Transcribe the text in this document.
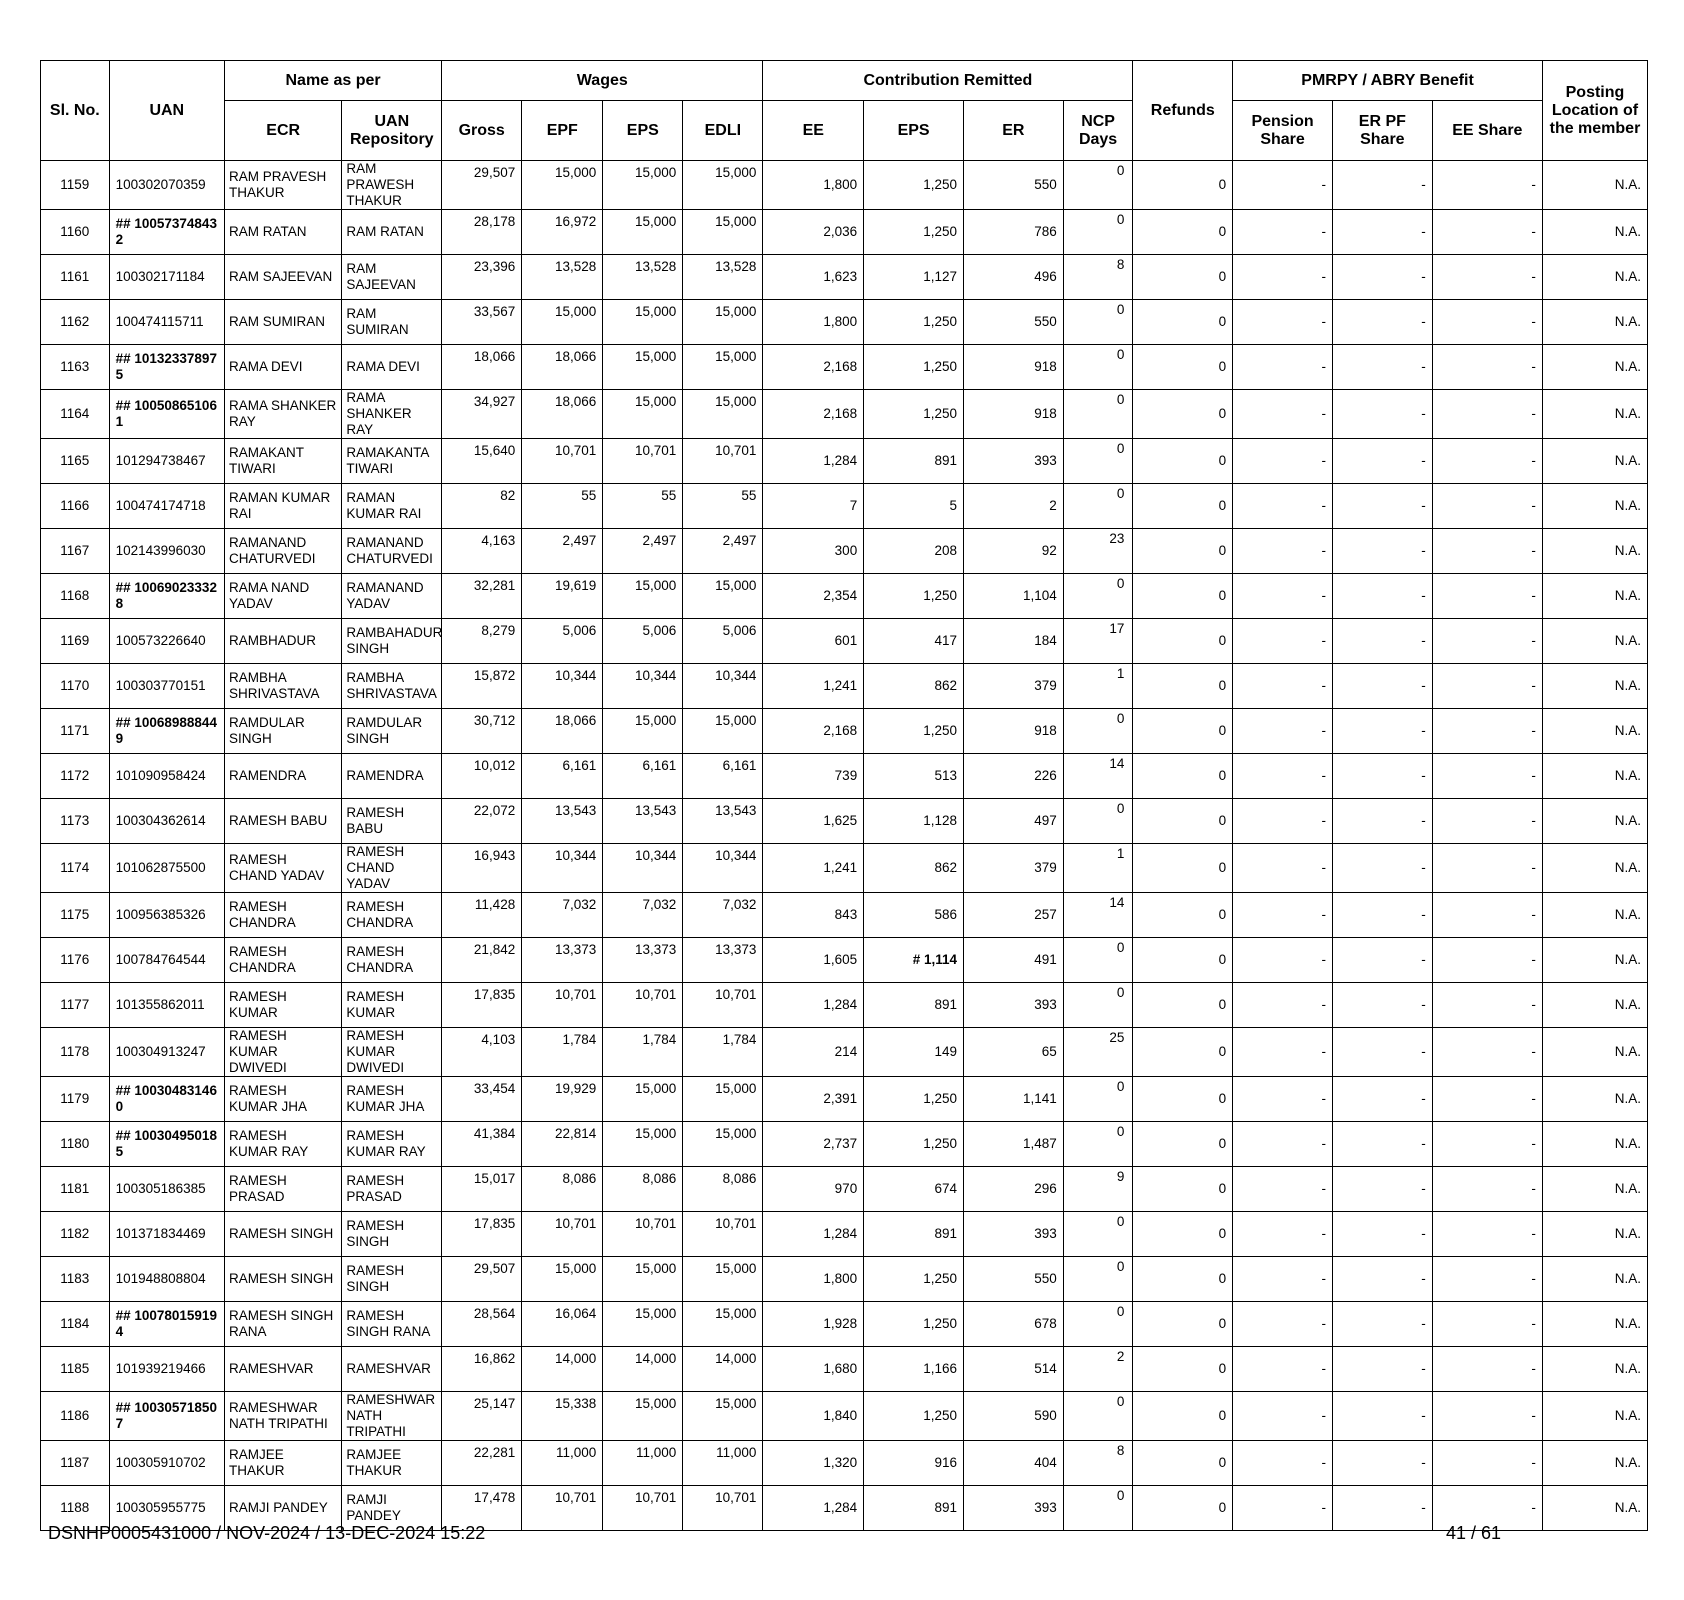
Sl. No.	UAN	Name as per		Wages				Contribution Remitted				Refunds	PMRPY / ABRY Benefit			Posting Location of the member
		ECR	UAN Repository	Gross	EPF	EPS	EDLI	EE	EPS	ER	NCP Days		Pension Share	ER PF Share	EE Share	
1159	100302070359	RAM PRAVESH THAKUR	RAM PRAWESH THAKUR	29,507	15,000	15,000	15,000	1,800	1,250	550	0	0	-	-	-	N.A.
1160	## 10057374843 2	RAM RATAN	RAM RATAN	28,178	16,972	15,000	15,000	2,036	1,250	786	0	0	-	-	-	N.A.
1161	100302171184	RAM SAJEEVAN	RAM SAJEEVAN	23,396	13,528	13,528	13,528	1,623	1,127	496	8	0	-	-	-	N.A.
1162	100474115711	RAM SUMIRAN	RAM SUMIRAN	33,567	15,000	15,000	15,000	1,800	1,250	550	0	0	-	-	-	N.A.
1163	## 10132337897 5	RAMA DEVI	RAMA DEVI	18,066	18,066	15,000	15,000	2,168	1,250	918	0	0	-	-	-	N.A.
1164	## 10050865106 1	RAMA SHANKER RAY	RAMA SHANKER RAY	34,927	18,066	15,000	15,000	2,168	1,250	918	0	0	-	-	-	N.A.
1165	101294738467	RAMAKANT TIWARI	RAMAKANTA TIWARI	15,640	10,701	10,701	10,701	1,284	891	393	0	0	-	-	-	N.A.
1166	100474174718	RAMAN KUMAR RAI	RAMAN KUMAR RAI	82	55	55	55	7	5	2	0	0	-	-	-	N.A.
1167	102143996030	RAMANAND CHATURVEDI	RAMANAND CHATURVEDI	4,163	2,497	2,497	2,497	300	208	92	23	0	-	-	-	N.A.
1168	## 10069023332 8	RAMA NAND YADAV	RAMANAND YADAV	32,281	19,619	15,000	15,000	2,354	1,250	1,104	0	0	-	-	-	N.A.
1169	100573226640	RAMBHADUR	RAMBAHADUR SINGH	8,279	5,006	5,006	5,006	601	417	184	17	0	-	-	-	N.A.
1170	100303770151	RAMBHA SHRIVASTAVA	RAMBHA SHRIVASTAVA	15,872	10,344	10,344	10,344	1,241	862	379	1	0	-	-	-	N.A.
1171	## 10068988844 9	RAMDULAR SINGH	RAMDULAR SINGH	30,712	18,066	15,000	15,000	2,168	1,250	918	0	0	-	-	-	N.A.
1172	101090958424	RAMENDRA	RAMENDRA	10,012	6,161	6,161	6,161	739	513	226	14	0	-	-	-	N.A.
1173	100304362614	RAMESH BABU	RAMESH BABU	22,072	13,543	13,543	13,543	1,625	1,128	497	0	0	-	-	-	N.A.
1174	101062875500	RAMESH CHAND YADAV	RAMESH CHAND YADAV	16,943	10,344	10,344	10,344	1,241	862	379	1	0	-	-	-	N.A.
1175	100956385326	RAMESH CHANDRA	RAMESH CHANDRA	11,428	7,032	7,032	7,032	843	586	257	14	0	-	-	-	N.A.
1176	100784764544	RAMESH CHANDRA	RAMESH CHANDRA	21,842	13,373	13,373	13,373	1,605	# 1,114	491	0	0	-	-	-	N.A.
1177	101355862011	RAMESH KUMAR	RAMESH KUMAR	17,835	10,701	10,701	10,701	1,284	891	393	0	0	-	-	-	N.A.
1178	100304913247	RAMESH KUMAR DWIVEDI	RAMESH KUMAR DWIVEDI	4,103	1,784	1,784	1,784	214	149	65	25	0	-	-	-	N.A.
1179	## 10030483146 0	RAMESH KUMAR JHA	RAMESH KUMAR JHA	33,454	19,929	15,000	15,000	2,391	1,250	1,141	0	0	-	-	-	N.A.
1180	## 10030495018 5	RAMESH KUMAR RAY	RAMESH KUMAR RAY	41,384	22,814	15,000	15,000	2,737	1,250	1,487	0	0	-	-	-	N.A.
1181	100305186385	RAMESH PRASAD	RAMESH PRASAD	15,017	8,086	8,086	8,086	970	674	296	9	0	-	-	-	N.A.
1182	101371834469	RAMESH SINGH	RAMESH SINGH	17,835	10,701	10,701	10,701	1,284	891	393	0	0	-	-	-	N.A.
1183	101948808804	RAMESH SINGH	RAMESH SINGH	29,507	15,000	15,000	15,000	1,800	1,250	550	0	0	-	-	-	N.A.
1184	## 10078015919 4	RAMESH SINGH RANA	RAMESH SINGH RANA	28,564	16,064	15,000	15,000	1,928	1,250	678	0	0	-	-	-	N.A.
1185	101939219466	RAMESHVAR	RAMESHVAR	16,862	14,000	14,000	14,000	1,680	1,166	514	2	0	-	-	-	N.A.
1186	## 10030571850 7	RAMESHWAR NATH TRIPATHI	RAMESHWAR NATH TRIPATHI	25,147	15,338	15,000	15,000	1,840	1,250	590	0	0	-	-	-	N.A.
1187	100305910702	RAMJEE THAKUR	RAMJEE THAKUR	22,281	11,000	11,000	11,000	1,320	916	404	8	0	-	-	-	N.A.
1188	100305955775	RAMJI PANDEY	RAMJI PANDEY	17,478	10,701	10,701	10,701	1,284	891	393	0	0	-	-	-	N.A.
DSNHP0005431000 / NOV-2024 / 13-DEC-2024 15:22	41 / 61
